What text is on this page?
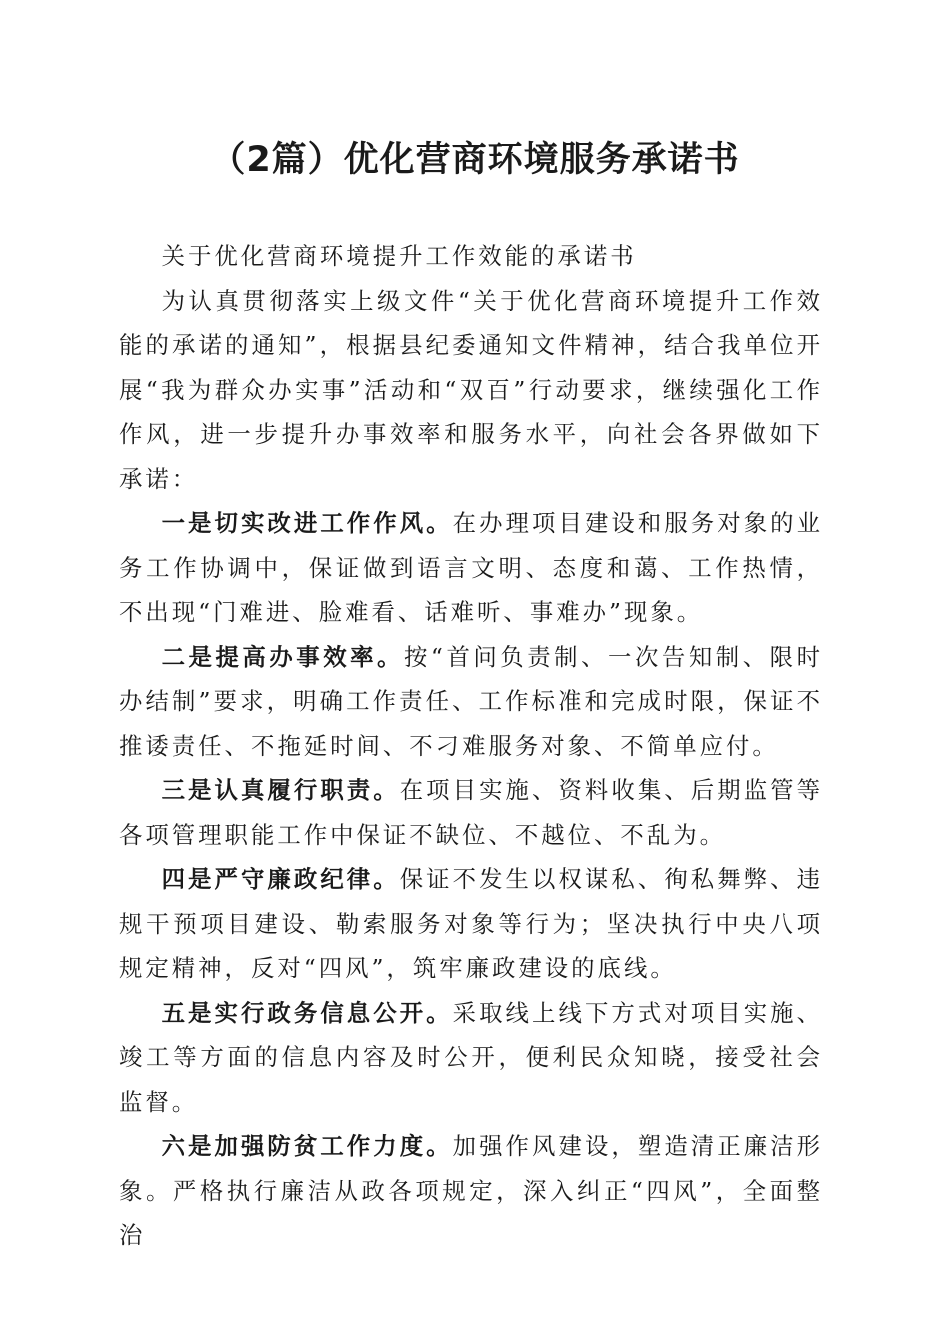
（2篇）优化营商环境服务承诺书

关于优化营商环境提升工作效能的承诺书

为认真贯彻落实上级文件“关于优化营商环境提升工作效能的承诺的通知”，根据县纪委通知文件精神，结合我单位开展“我为群众办实事”活动和“双百”行动要求，继续强化工作作风，进一步提升办事效率和服务水平，向社会各界做如下承诺：

一是切实改进工作作风。在办理项目建设和服务对象的业务工作协调中，保证做到语言文明、态度和蔼、工作热情，不出现“门难进、脸难看、话难听、事难办”现象。

二是提高办事效率。按“首问负责制、一次告知制、限时办结制”要求，明确工作责任、工作标准和完成时限，保证不推诿责任、不拖延时间、不刁难服务对象、不简单应付。

三是认真履行职责。在项目实施、资料收集、后期监管等各项管理职能工作中保证不缺位、不越位、不乱为。

四是严守廉政纪律。保证不发生以权谋私、徇私舞弊、违规干预项目建设、勒索服务对象等行为；坚决执行中央八项规定精神，反对“四风”，筑牢廉政建设的底线。

五是实行政务信息公开。采取线上线下方式对项目实施、竣工等方面的信息内容及时公开，便利民众知晓，接受社会监督。

六是加强防贫工作力度。加强作风建设，塑造清正廉洁形象。严格执行廉洁从政各项规定，深入纠正“四风”，全面整治
